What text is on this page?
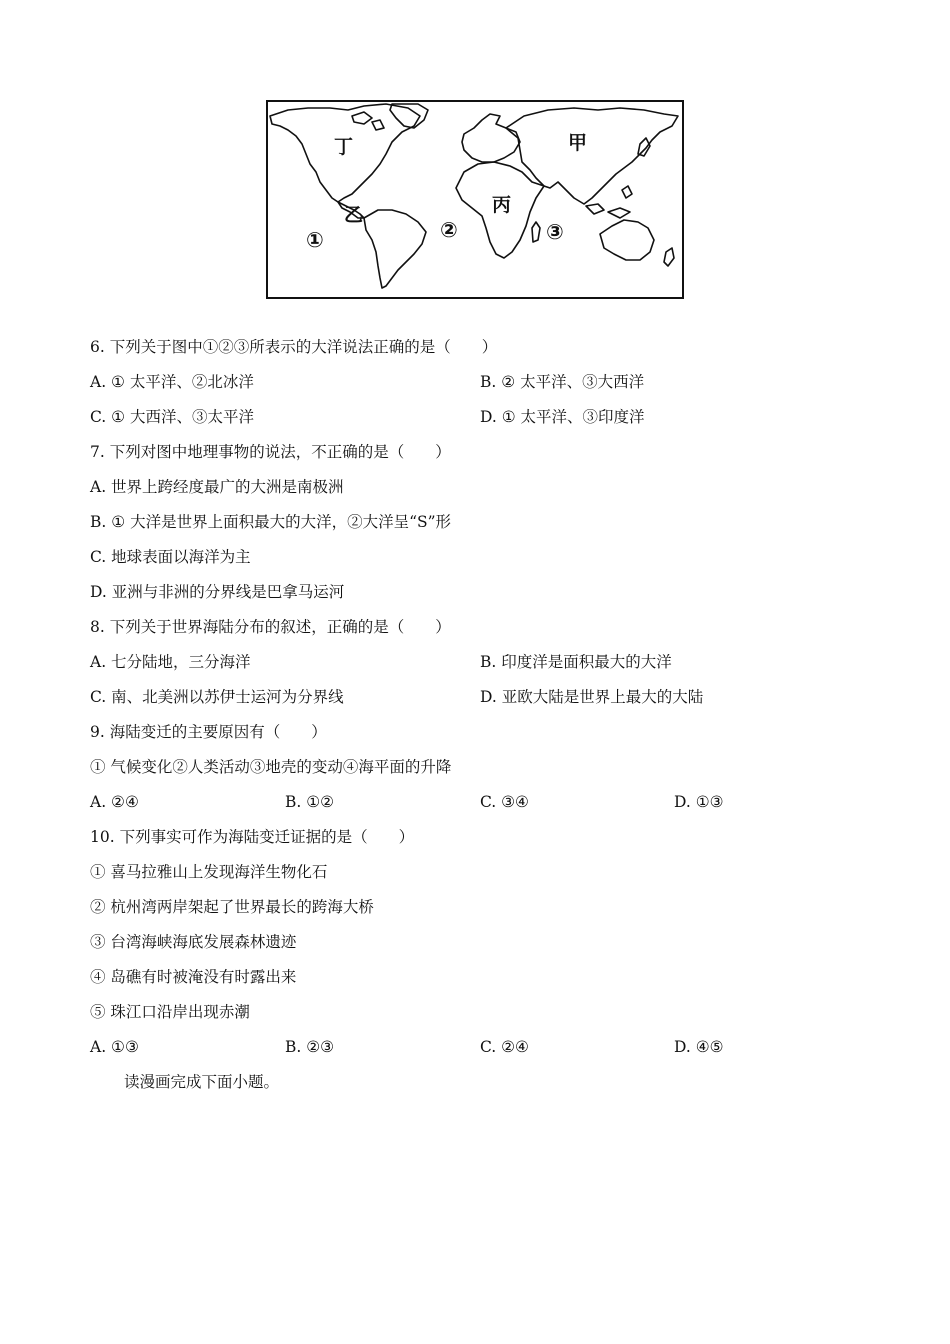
丁	甲
乙	丙
①	②	③
6. 下列关于图中①②③所表示的大洋说法正确的是（　　）
A. ① 太平洋、②北冰洋	B. ② 太平洋、③大西洋
C. ① 大西洋、③太平洋	D. ① 太平洋、③印度洋
7. 下列对图中地理事物的说法，不正确的是（　　）
A. 世界上跨经度最广的大洲是南极洲
B. ① 大洋是世界上面积最大的大洋，②大洋呈“S”形
C. 地球表面以海洋为主
D. 亚洲与非洲的分界线是巴拿马运河
8. 下列关于世界海陆分布的叙述，正确的是（　　）
A. 七分陆地，三分海洋	B. 印度洋是面积最大的大洋
C. 南、北美洲以苏伊士运河为分界线	D. 亚欧大陆是世界上最大的大陆
9. 海陆变迁的主要原因有（　　）
① 气候变化②人类活动③地壳的变动④海平面的升降
A. ②④	B. ①②	C. ③④	D. ①③
10. 下列事实可作为海陆变迁证据的是（　　）
① 喜马拉雅山上发现海洋生物化石
② 杭州湾两岸架起了世界最长的跨海大桥
③ 台湾海峡海底发展森林遗迹
④ 岛礁有时被淹没有时露出来
⑤ 珠江口沿岸出现赤潮
A. ①③	B. ②③	C. ②④	D. ④⑤
读漫画完成下面小题。
